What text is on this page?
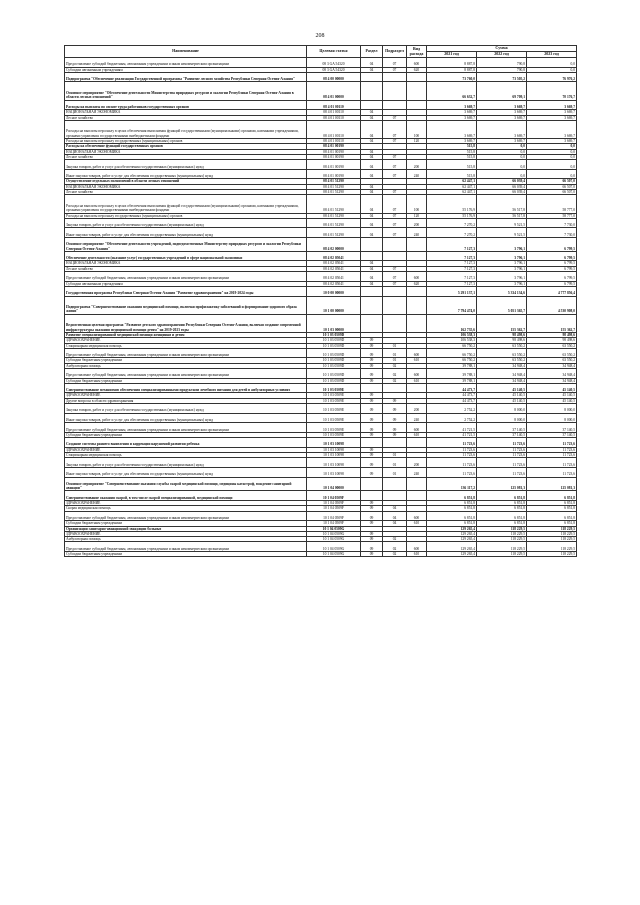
208
Наименование	Целевая статья	Раздел	Подраздел	Вид расхода	Сумма		
					2021 год	2022 год	2023 год
Предоставление субсидий бюджетным, автономным учреждениям и иным некоммерческим организациям	08 3 GA 54320	04	07	600	8 887,8	790,8	0,0
Субсидии автономным учреждениям	08 3 GA 54320	04	07	620	8 887,8	790,8	0,0
Подпрограмма "Обеспечение реализации Государственной программы "Развитие лесного хозяйства Республики Северная Осетия-Алания"	08 4 00 00000				73 760,0	73 505,2	76 976,2
Основное мероприятие "Обеспечение деятельности Министерства природных ресурсов и экологии Республики Северная Осетия-Алания в области лесных отношений"	08 4 01 00000				66 632,7	69 709,1	70 176,7
Расходы на выплаты по оплате труда работников государственных органов	08 4 01 00110				3 669,7	3 669,7	3 669,7
НАЦИОНАЛЬНАЯ ЭКОНОМИКА	08 4 01 00110	04			3 669,7	3 669,7	3 669,7
Лесное хозяйство	08 4 01 00110	04	07		3 669,7	3 669,7	3 669,7
Расходы на выплаты персоналу в целях обеспечения выполнения функций государственными (муниципальными) органами, казенными учреждениями, органами управления государственными внебюджетными фондами	08 4 01 00110	04	07	100	3 669,7	3 669,7	3 669,7
Расходы на выплаты персоналу государственных (муниципальных) органов	08 4 01 00110	04	07	120	3 669,7	3 669,7	3 669,7
Расходы на обеспечение функций государственных органов	08 4 01 00190				515,8	0,0	0,0
НАЦИОНАЛЬНАЯ ЭКОНОМИКА	08 4 01 00190	04			515,8	0,0	0,0
Лесное хозяйство	08 4 01 00190	04	07		515,8	0,0	0,0
Закупка товаров, работ и услуг для обеспечения государственных (муниципальных) нужд	08 4 01 00190	04	07	200	515,8	0,0	0,0
Иные закупки товаров, работ и услуг для обеспечения государственных (муниципальных) нужд	08 4 01 00190	04	07	240	515,8	0,0	0,0
Осуществление отдельных полномочий в области лесных отношений	08 4 01 51290				62 447,1	66 039,4	66 507,0
НАЦИОНАЛЬНАЯ ЭКОНОМИКА	08 4 01 51290	04			62 447,1	66 039,4	66 507,0
Лесное хозяйство	08 4 01 51290	04	07		62 447,1	66 039,4	66 507,0
Расходы на выплаты персоналу в целях обеспечения выполнения функций государственными (муниципальными) органами, казенными учреждениями, органами управления государственными внебюджетными фондами	08 4 01 51290	04	07	100	55 176,9	56 517,8	58 777,0
Расходы на выплаты персоналу государственных (муниципальных) органов	08 4 01 51290	04	07	120	55 176,9	56 517,8	58 777,0
Закупка товаров, работ и услуг для обеспечения государственных (муниципальных) нужд	08 4 01 51290	04	07	200	7 270,2	9 521,5	7 730,0
Иные закупки товаров, работ и услуг для обеспечения государственных (муниципальных) нужд	08 4 01 51290	04	07	240	7 270,2	9 521,5	7 730,0
Основное мероприятие "Обеспечение деятельности учреждений, подведомственных Министерству природных ресурсов и экологии Республики Северная Осетия-Алания"	08 4 02 00000				7 127,3	3 796,1	6 799,5
Обеспечение деятельности (оказание услуг) государственных учреждений в сфере национальной экономики	08 4 02 05041				7 127,3	3 796,1	6 799,5
НАЦИОНАЛЬНАЯ ЭКОНОМИКА	08 4 02 05041	04			7 127,3	3 796,1	6 799,5
Лесное хозяйство	08 4 02 05041	04	07		7 127,3	3 796,1	6 799,5
Предоставление субсидий бюджетным, автономным учреждениям и иным некоммерческим организациям	08 4 02 05041	04	07	600	7 127,3	3 796,1	6 799,5
Субсидии автономным учреждениям	08 4 02 05041	04	07	620	7 127,3	3 796,1	6 799,5
Государственная программа Республики Северная Осетия-Алания "Развитие здравоохранения" на 2019-2024 годы	10 0 00 00000				5 291 137,1	5 334 134,6	4 777 856,4
Подпрограмма "Совершенствование оказания медицинской помощи, включая профилактику заболеваний и формирование здорового образа жизни"	10 1 00 00000				7 794 474,0	5 051 365,7	4 530 908,0
Ведомственная целевая программа "Развитие детского здравоохранения Республики Северная Осетия-Алания, включая создание современной инфраструктуры оказания медицинской помощи детям" на 2019-2023 годы	10 1 03 00000				162 735,6	155 362,7	155 362,7
Развитие специализированной медицинской помощи женщинам и детям	10 1 03 0509D				106 538,3	98 498,6	98 498,6
ЗДРАВООХРАНЕНИЕ	10 1 03 0509D	09			106 538,3	98 498,6	98 498,6
Стационарная медицинская помощь	10 1 03 0509D	09	01		66 750,2	63 550,2	63 550,2
Предоставление субсидий бюджетным, автономным учреждениям и иным некоммерческим организациям	10 1 03 0509D	09	01	600	66 750,2	63 550,2	63 550,2
Субсидии бюджетным учреждениям	10 1 03 0509D	09	01	610	66 750,2	63 550,2	63 550,2
Амбулаторная помощь	10 1 03 0509D	09	02		39 788,1	34 948,4	34 948,4
Предоставление субсидий бюджетным, автономным учреждениям и иным некоммерческим организациям	10 1 03 0509D	09	02	600	39 788,1	34 948,4	34 948,4
Субсидии бюджетным учреждениям	10 1 03 0509D	09	02	610	39 788,1	34 948,4	34 948,4
Совершенствование механизмов обеспечения специализированными продуктами лечебного питания для детей в амбулаторных условиях	10 1 03 0509E				44 473,7	45 140,5	45 140,5
ЗДРАВООХРАНЕНИЕ	10 1 03 0509E	09			44 473,7	45 140,5	45 140,5
Другие вопросы в области здравоохранения	10 1 03 0509E	09	09		44 473,7	45 140,5	45 140,5
Закупка товаров, работ и услуг для обеспечения государственных (муниципальных) нужд	10 1 03 0509E	09	09	200	2 752,2	8 000,0	8 000,0
Иные закупки товаров, работ и услуг для обеспечения государственных (муниципальных) нужд	10 1 03 0509E	09	09	240	2 752,2	8 000,0	8 000,0
Предоставление субсидий бюджетным, автономным учреждениям и иным некоммерческим организациям	10 1 03 0509E	09	09	600	41 721,5	37 140,5	37 140,5
Субсидии бюджетным учреждениям	10 1 03 0509E	09	09	610	41 721,5	37 140,5	37 140,5
Создание системы раннего выявления и коррекции нарушений развития ребенка	10 1 03 10098				11 723,6	11 723,6	11 723,6
ЗДРАВООХРАНЕНИЕ	10 1 03 10098	09			11 723,6	11 723,6	11 723,6
Стационарная медицинская помощь	10 1 03 10098	09	01		11 723,6	11 723,6	11 723,6
Закупка товаров, работ и услуг для обеспечения государственных (муниципальных) нужд	10 1 03 10098	09	01	200	11 723,6	11 723,6	11 723,6
Иные закупки товаров, работ и услуг для обеспечения государственных (муниципальных) нужд	10 1 03 10098	09	01	240	11 723,6	11 723,6	11 723,6
Основное мероприятие "Совершенствование оказания службы скорой медицинской помощи, медицины катастроф, вождение санитарной авиации"	10 1 04 00000				136 117,2	125 081,3	125 081,3
Совершенствование оказания скорой, в том числе скорой специализированной, медицинской помощи	10 1 04 0509F				6 851,8	6 851,8	6 851,8
ЗДРАВООХРАНЕНИЕ	10 1 04 0509F	09			6 851,8	6 851,8	6 851,8
Скорая медицинская помощь	10 1 04 0509F	09	04		6 851,8	6 851,8	6 851,8
Предоставление субсидий бюджетным, автономным учреждениям и иным некоммерческим организациям	10 1 04 0509F	09	04	600	6 851,8	6 851,8	6 851,8
Субсидии бюджетным учреждениям	10 1 04 0509F	09	04	610	6 851,8	6 851,8	6 851,8
Организация санитарно-авиационной эвакуации больных	10 1 04 0509G				129 265,4	118 229,5	118 229,5
ЗДРАВООХРАНЕНИЕ	10 1 04 0509G	09			129 265,4	118 229,5	118 229,5
Амбулаторная помощь	10 1 04 0509G	09	02		129 265,4	118 229,5	118 229,5
Предоставление субсидий бюджетным, автономным учреждениям и иным некоммерческим организациям	10 1 04 0509G	09	02	600	129 265,4	118 229,5	118 229,5
Субсидии бюджетным учреждениям	10 1 04 0509G	09	02	610	129 265,4	118 229,5	118 229,5
